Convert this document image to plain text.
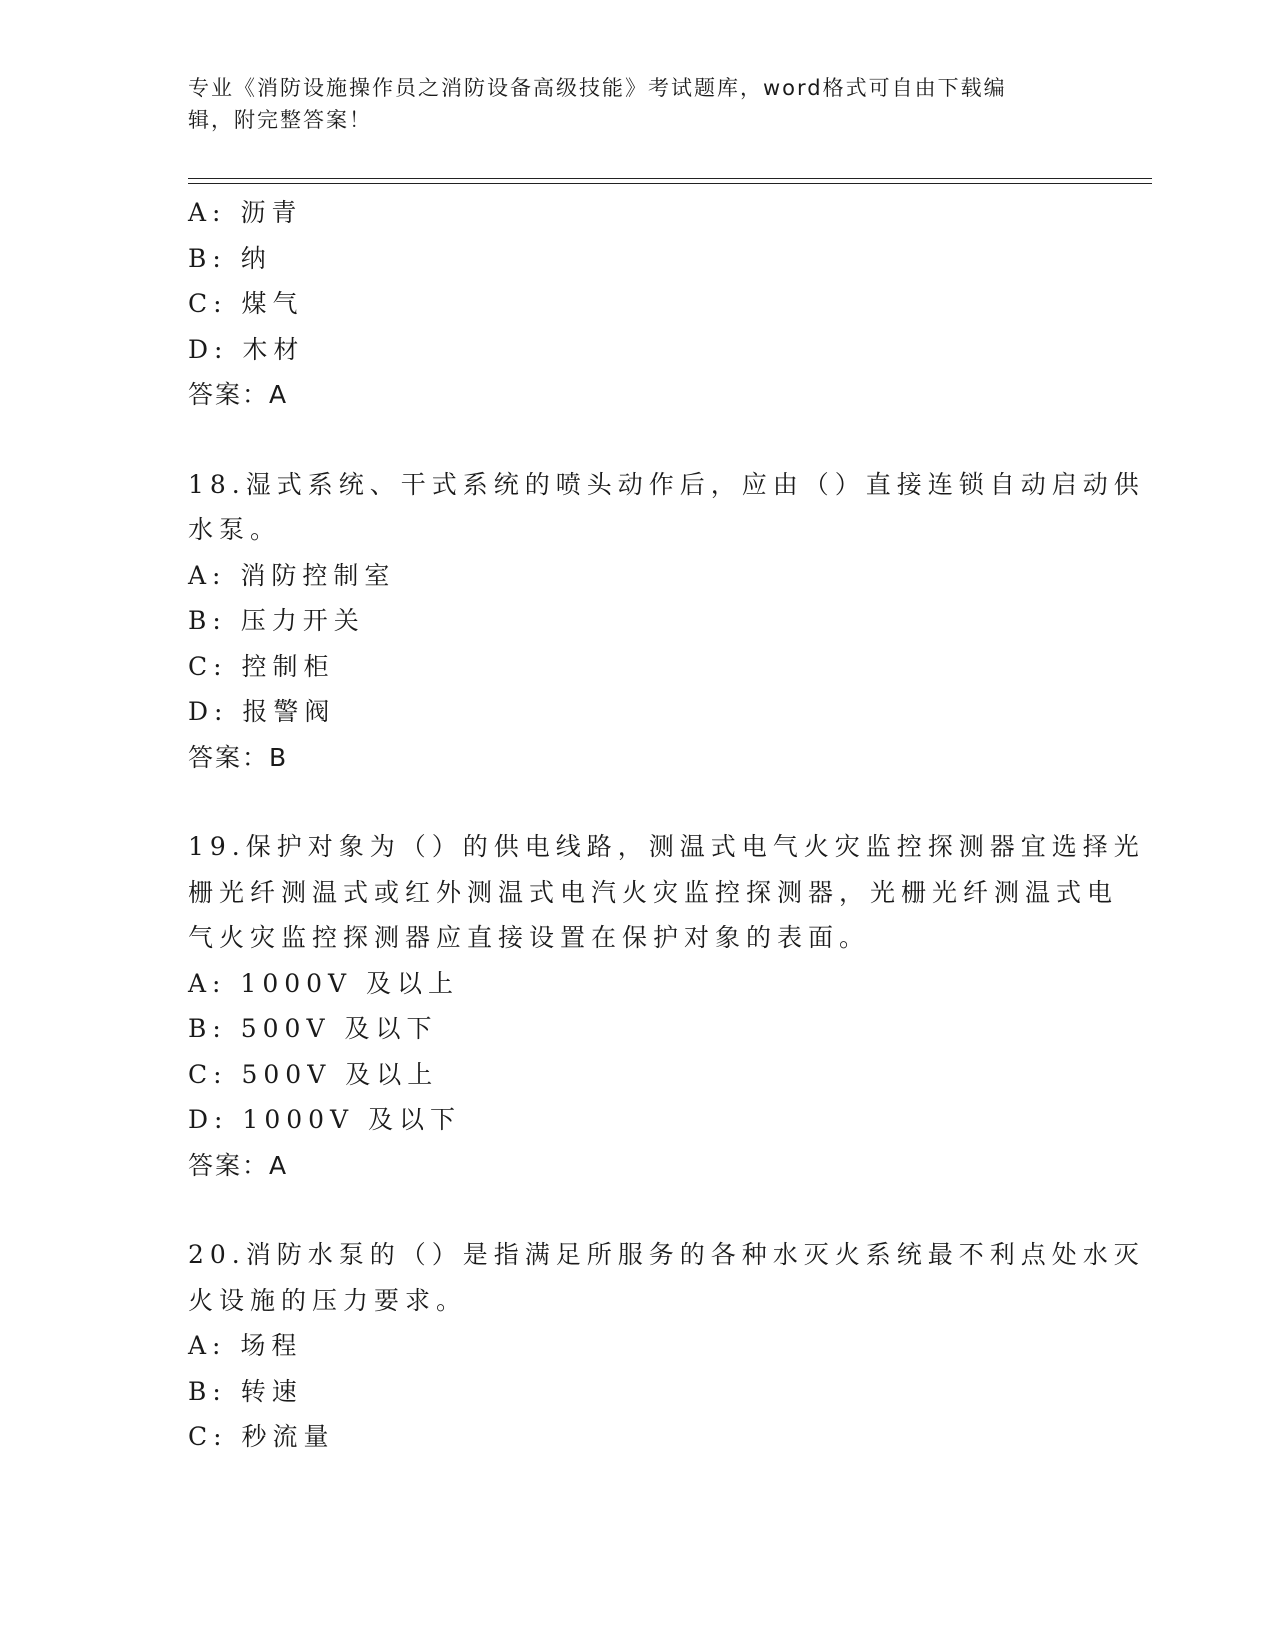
专业《消防设施操作员之消防设备高级技能》考试题库，word格式可自由下载编
辑，附完整答案！
A: 沥青
B: 纳
C: 煤气
D: 木材
答案：A
18.湿式系统、干式系统的喷头动作后，应由（）直接连锁自动启动供
水泵。
A: 消防控制室
B: 压力开关
C: 控制柜
D: 报警阀
答案：B
19.保护对象为（）的供电线路，测温式电气火灾监控探测器宜选择光
栅光纤测温式或红外测温式电汽火灾监控探测器，光栅光纤测温式电
气火灾监控探测器应直接设置在保护对象的表面。
A: 1000V 及以上
B: 500V 及以下
C: 500V 及以上
D: 1000V 及以下
答案：A
20.消防水泵的（）是指满足所服务的各种水灭火系统最不利点处水灭
火设施的压力要求。
A: 场程
B: 转速
C: 秒流量
